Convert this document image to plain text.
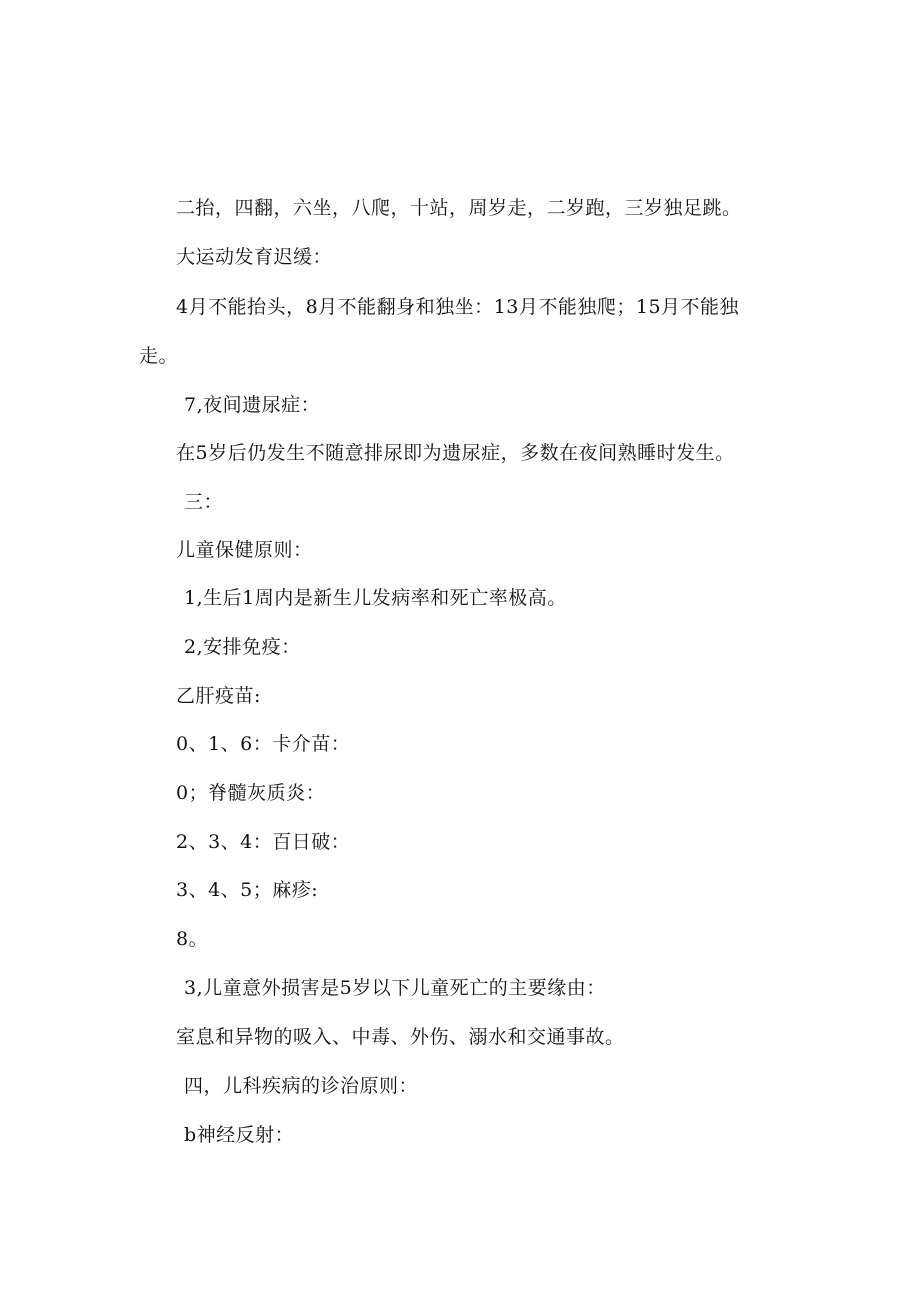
二抬，四翻，六坐，八爬，十站，周岁走，二岁跑，三岁独足跳。
大运动发育迟缓：
4月不能抬头，8月不能翻身和独坐：13月不能独爬；15月不能独
走。
7,夜间遗尿症：
在5岁后仍发生不随意排尿即为遗尿症，多数在夜间熟睡时发生。
三：
儿童保健原则：
1,生后1周内是新生儿发病率和死亡率极高。
2,安排免疫：
乙肝疫苗:
0、1、6：卡介苗：
0；脊髓灰质炎：
2、3、4：百日破：
3、4、5；麻疹:
8。
3,儿童意外损害是5岁以下儿童死亡的主要缘由：
室息和异物的吸入、中毒、外伤、溺水和交通事故。
四，儿科疾病的诊治原则：
b神经反射：
